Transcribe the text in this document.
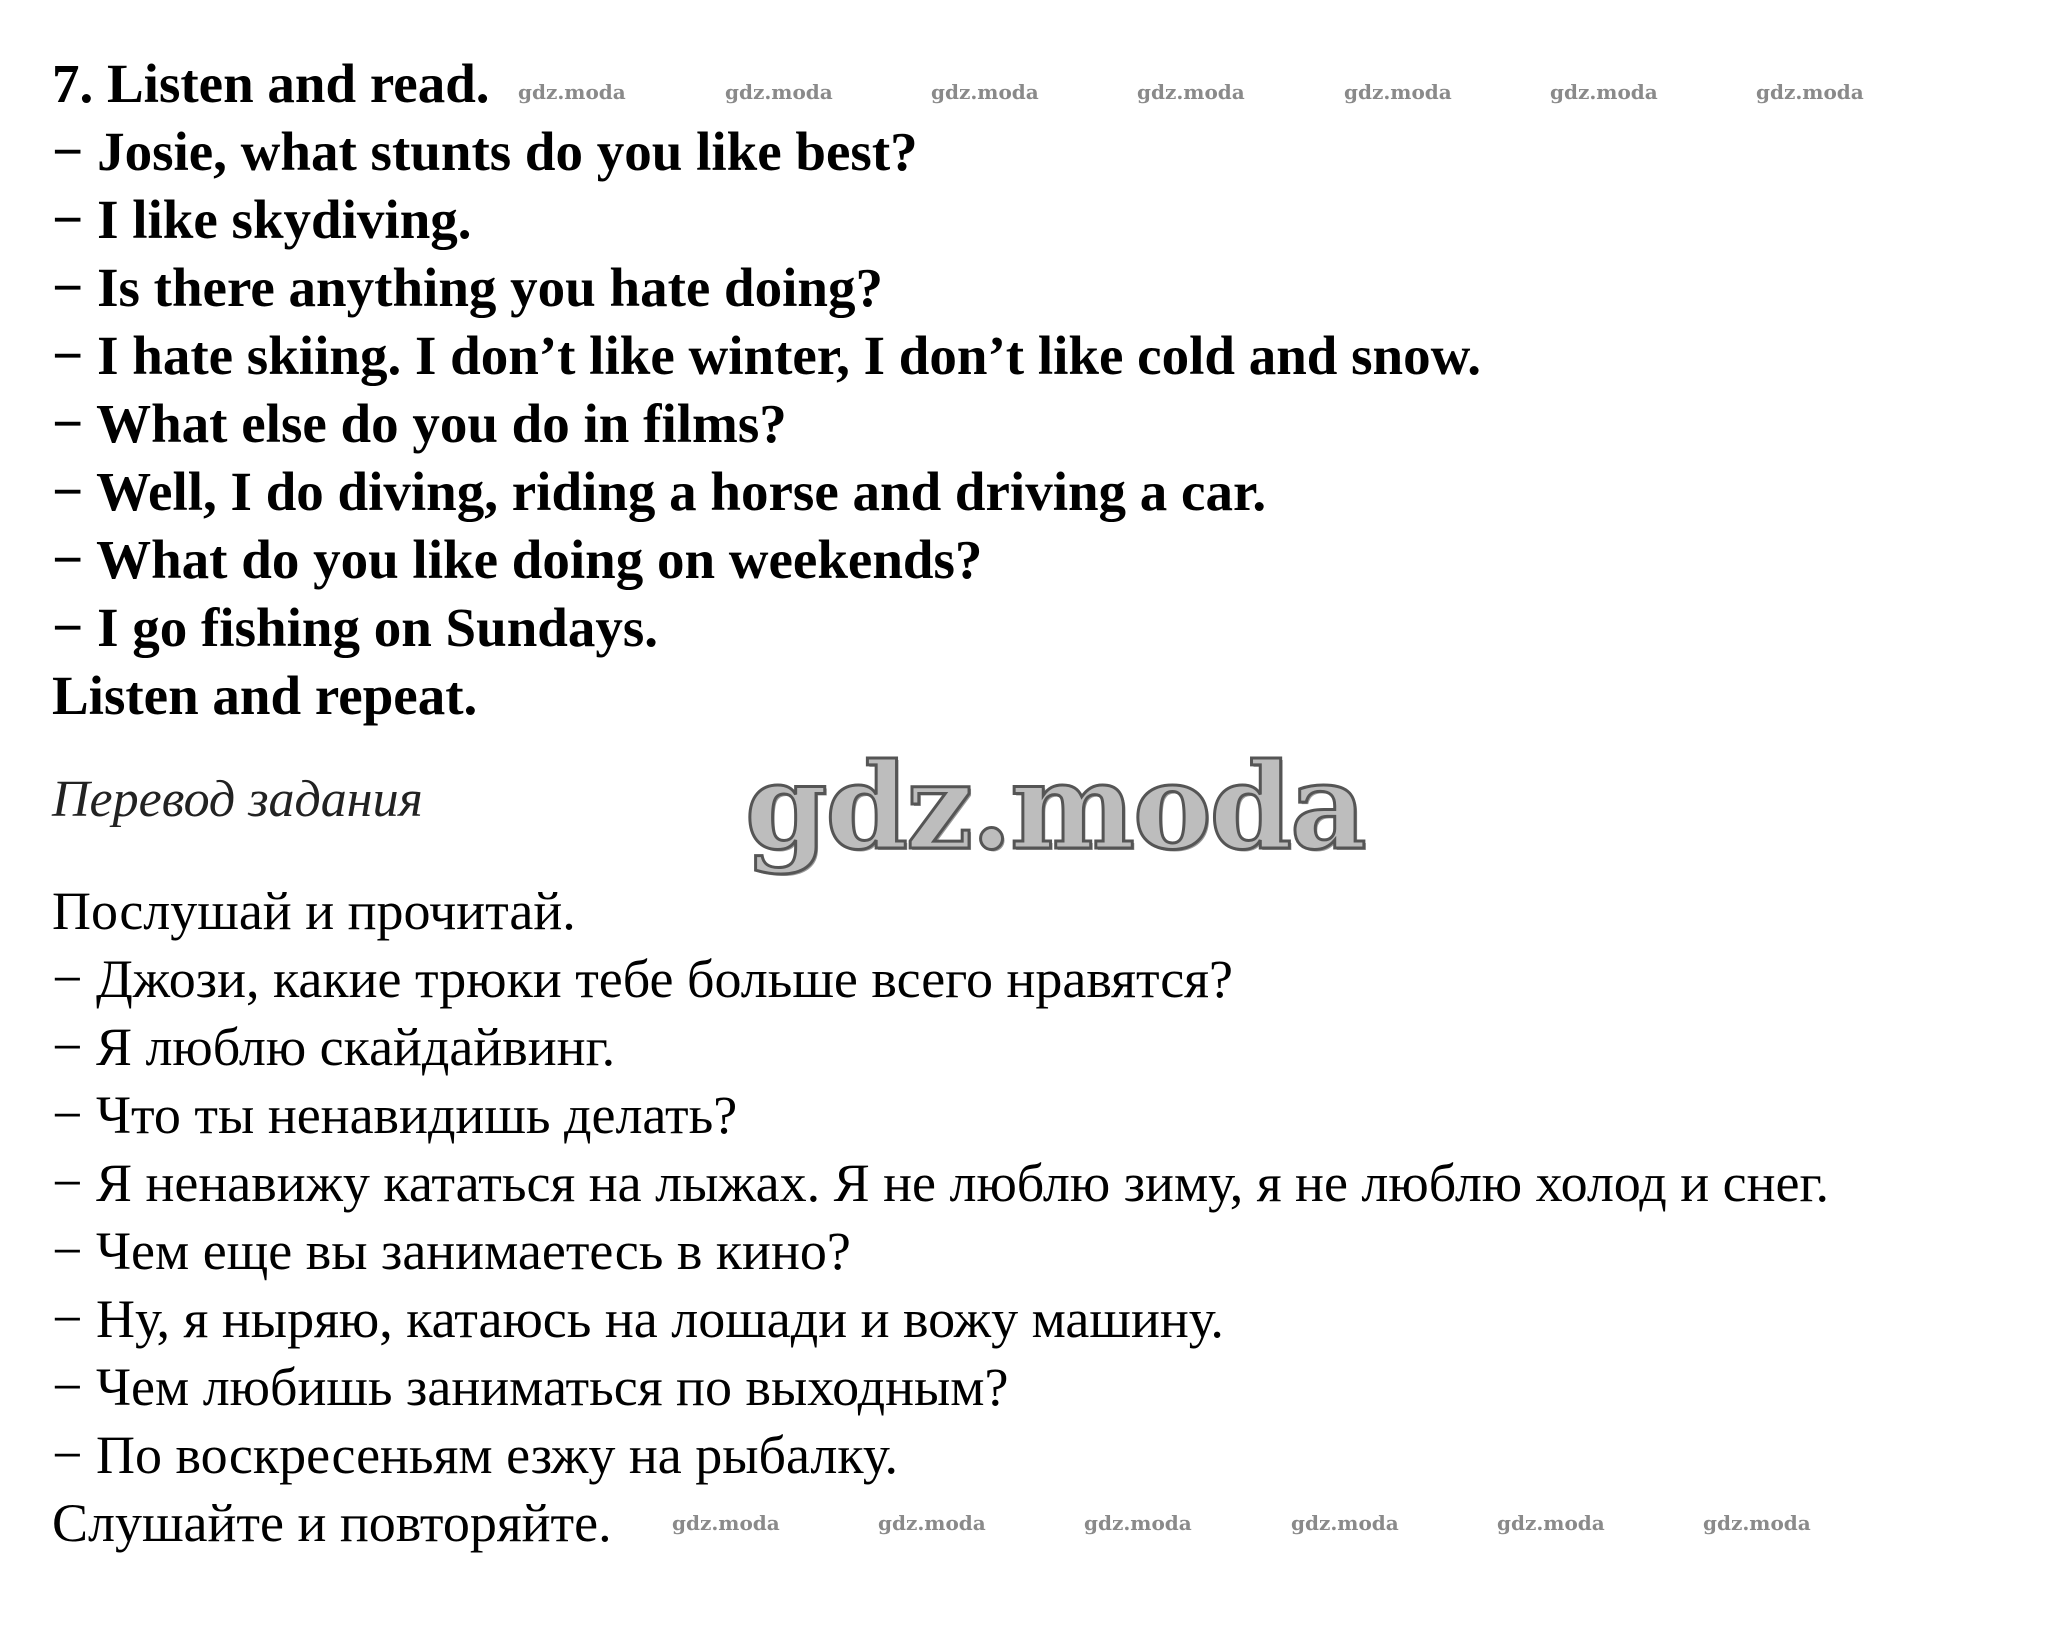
7. Listen and read.
− Josie, what stunts do you like best?
− I like skydiving.
− Is there anything you hate doing?
− I hate skiing. I don’t like winter, I don’t like cold and snow.
− What else do you do in films?
− Well, I do diving, riding a horse and driving a car.
− What do you like doing on weekends?
− I go fishing on Sundays.
Listen and repeat.
gdz.moda	gdz.moda	gdz.moda	gdz.moda	gdz.moda	gdz.moda	gdz.moda
Перевод задания	gdz.moda
Послушай и прочитай.
− Джози, какие трюки тебе больше всего нравятся?
− Я люблю скайдайвинг.
− Что ты ненавидишь делать?
− Я ненавижу кататься на лыжах. Я не люблю зиму, я не люблю холод и снег.
− Чем еще вы занимаетесь в кино?
− Ну, я ныряю, катаюсь на лошади и вожу машину.
− Чем любишь заниматься по выходным?
− По воскресеньям езжу на рыбалку.
Слушайте и повторяйте.	gdz.moda	gdz.moda	gdz.moda	gdz.moda	gdz.moda	gdz.moda
